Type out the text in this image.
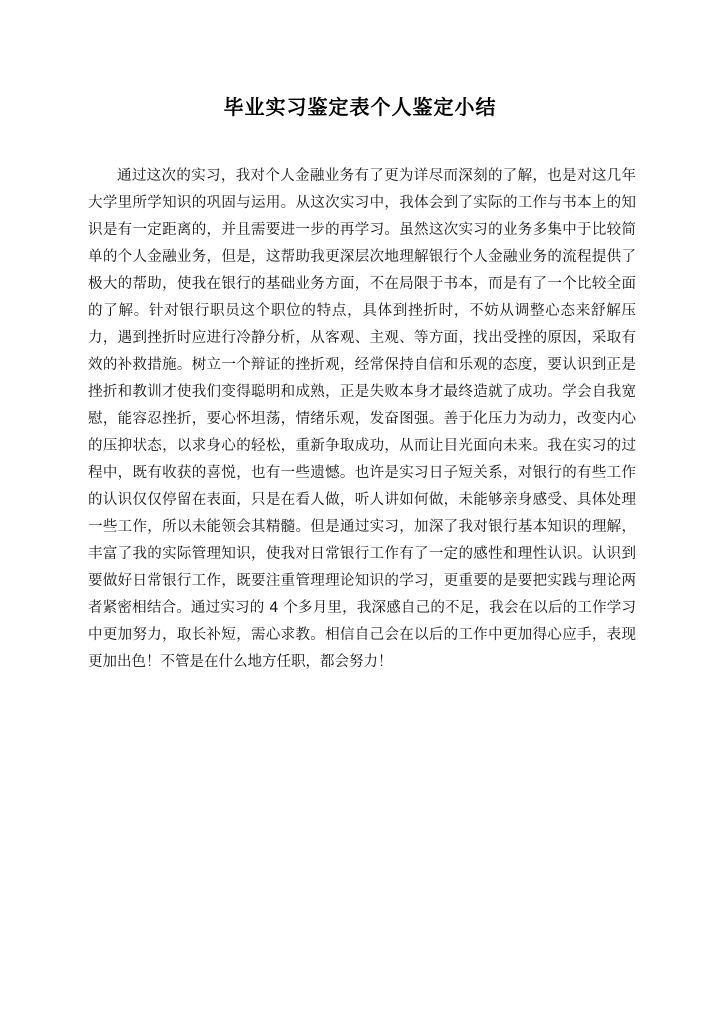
毕业实习鉴定表个人鉴定小结

通过这次的实习，我对个人金融业务有了更为详尽而深刻的了解，也是对这几年大学里所学知识的巩固与运用。从这次实习中，我体会到了实际的工作与书本上的知识是有一定距离的，并且需要进一步的再学习。虽然这次实习的业务多集中于比较简单的个人金融业务，但是，这帮助我更深层次地理解银行个人金融业务的流程提供了极大的帮助，使我在银行的基础业务方面，不在局限于书本，而是有了一个比较全面的了解。针对银行职员这个职位的特点，具体到挫折时，不妨从调整心态来舒解压力，遇到挫折时应进行冷静分析，从客观、主观、等方面，找出受挫的原因，采取有效的补救措施。树立一个辩证的挫折观，经常保持自信和乐观的态度，要认识到正是挫折和教训才使我们变得聪明和成熟，正是失败本身才最终造就了成功。学会自我宽慰，能容忍挫折，要心怀坦荡，情绪乐观，发奋图强。善于化压力为动力，改变内心的压抑状态，以求身心的轻松，重新争取成功，从而让目光面向未来。我在实习的过程中，既有收获的喜悦，也有一些遗憾。也许是实习日子短关系，对银行的有些工作的认识仅仅停留在表面，只是在看人做，听人讲如何做，未能够亲身感受、具体处理一些工作，所以未能领会其精髓。但是通过实习，加深了我对银行基本知识的理解，丰富了我的实际管理知识，使我对日常银行工作有了一定的感性和理性认识。认识到要做好日常银行工作，既要注重管理理论知识的学习，更重要的是要把实践与理论两者紧密相结合。通过实习的 4 个多月里，我深感自己的不足，我会在以后的工作学习中更加努力，取长补短，需心求教。相信自己会在以后的工作中更加得心应手，表现更加出色！不管是在什么地方任职，都会努力！
